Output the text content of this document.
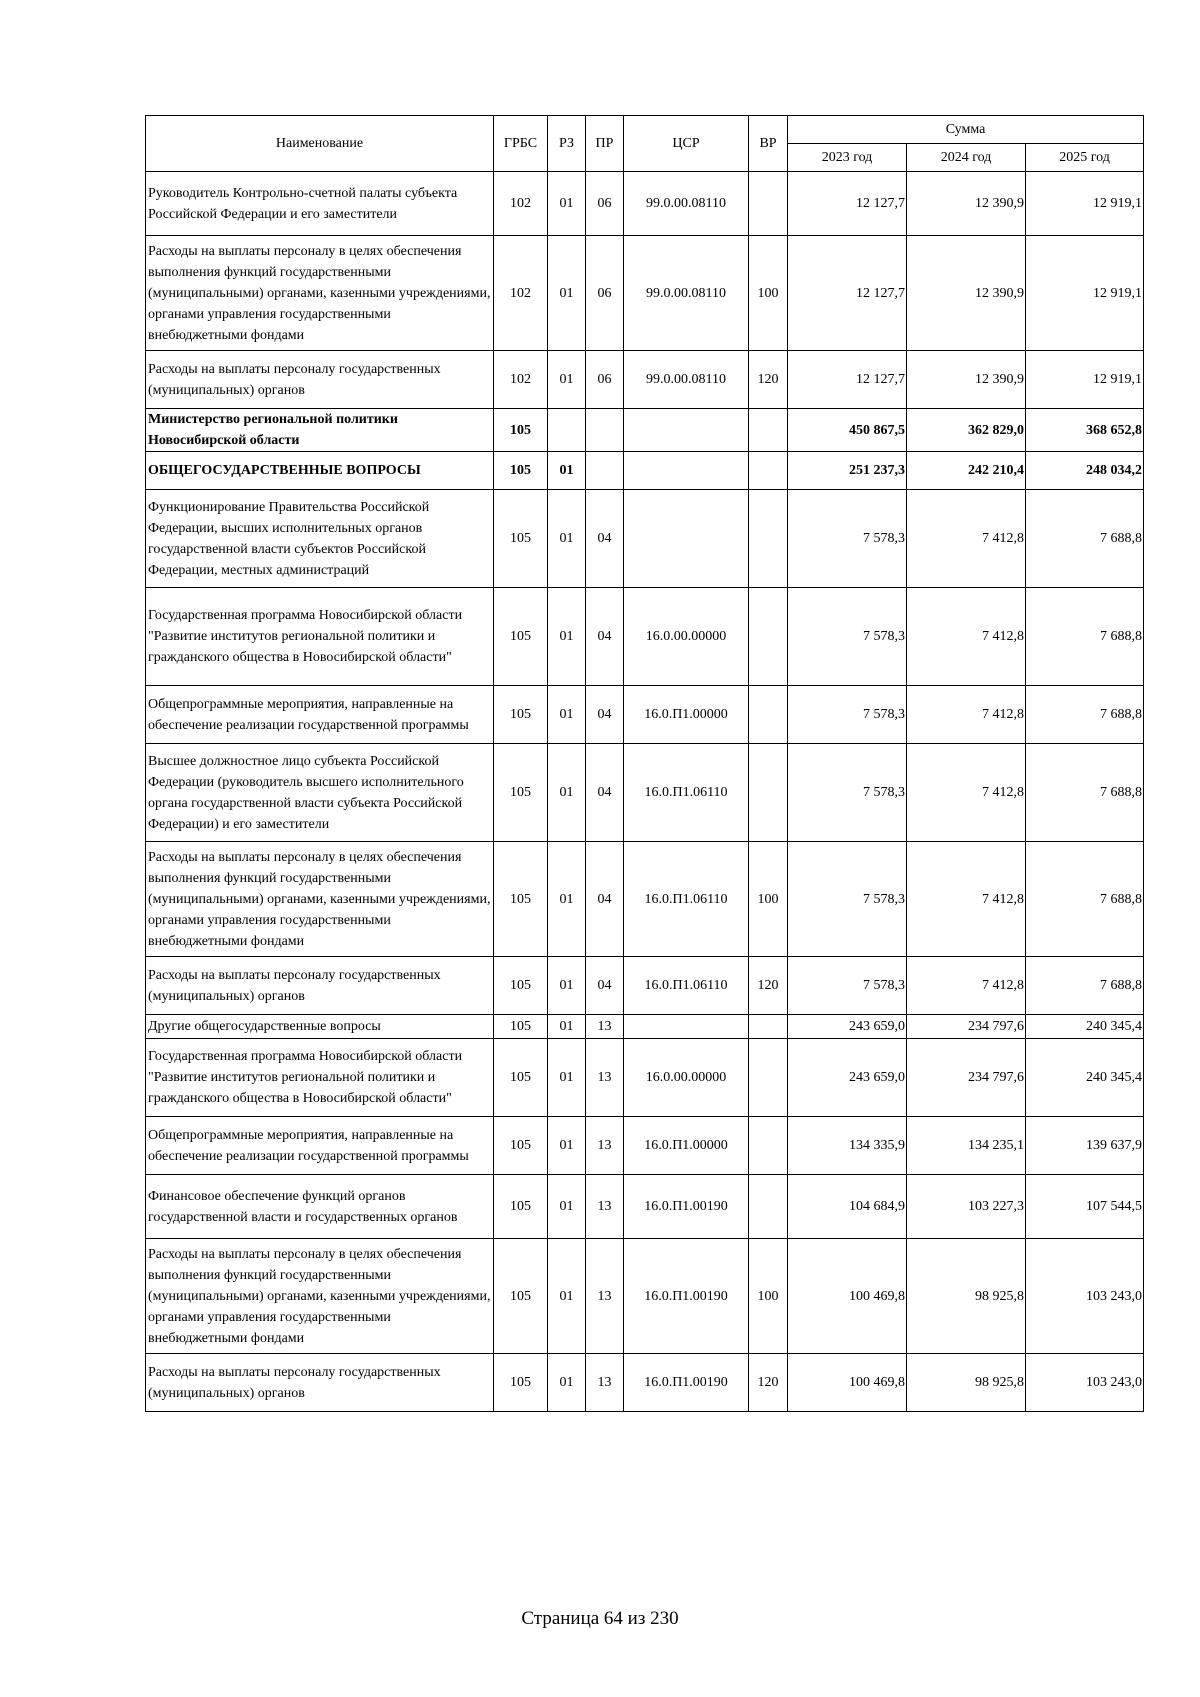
Наименование	ГРБС	РЗ	ПР	ЦСР	ВР	Сумма		
						2023 год	2024 год	2025 год
Руководитель Контрольно-счетной палаты субъекта Российской Федерации и его заместители	102	01	06	99.0.00.08110		12 127,7	12 390,9	12 919,1
Расходы на выплаты персоналу в целях обеспечения выполнения функций государственными (муниципальными) органами, казенными учреждениями, органами управления государственными внебюджетными фондами	102	01	06	99.0.00.08110	100	12 127,7	12 390,9	12 919,1
Расходы на выплаты персоналу государственных (муниципальных) органов	102	01	06	99.0.00.08110	120	12 127,7	12 390,9	12 919,1
Министерство региональной политики Новосибирской области	105					450 867,5	362 829,0	368 652,8
ОБЩЕГОСУДАРСТВЕННЫЕ ВОПРОСЫ	105	01				251 237,3	242 210,4	248 034,2
Функционирование Правительства Российской Федерации, высших исполнительных органов государственной власти субъектов Российской Федерации, местных администраций	105	01	04			7 578,3	7 412,8	7 688,8
Государственная программа Новосибирской области "Развитие институтов региональной политики и гражданского общества в Новосибирской области"	105	01	04	16.0.00.00000		7 578,3	7 412,8	7 688,8
Общепрограммные мероприятия, направленные на обеспечение реализации государственной программы	105	01	04	16.0.П1.00000		7 578,3	7 412,8	7 688,8
Высшее должностное лицо субъекта Российской Федерации (руководитель высшего исполнительного органа государственной власти субъекта Российской Федерации) и его заместители	105	01	04	16.0.П1.06110		7 578,3	7 412,8	7 688,8
Расходы на выплаты персоналу в целях обеспечения выполнения функций государственными (муниципальными) органами, казенными учреждениями, органами управления государственными внебюджетными фондами	105	01	04	16.0.П1.06110	100	7 578,3	7 412,8	7 688,8
Расходы на выплаты персоналу государственных (муниципальных) органов	105	01	04	16.0.П1.06110	120	7 578,3	7 412,8	7 688,8
Другие общегосударственные вопросы	105	01	13			243 659,0	234 797,6	240 345,4
Государственная программа Новосибирской области "Развитие институтов региональной политики и гражданского общества в Новосибирской области"	105	01	13	16.0.00.00000		243 659,0	234 797,6	240 345,4
Общепрограммные мероприятия, направленные на обеспечение реализации государственной программы	105	01	13	16.0.П1.00000		134 335,9	134 235,1	139 637,9
Финансовое обеспечение функций органов государственной власти и государственных органов	105	01	13	16.0.П1.00190		104 684,9	103 227,3	107 544,5
Расходы на выплаты персоналу в целях обеспечения выполнения функций государственными (муниципальными) органами, казенными учреждениями, органами управления государственными внебюджетными фондами	105	01	13	16.0.П1.00190	100	100 469,8	98 925,8	103 243,0
Расходы на выплаты персоналу государственных (муниципальных) органов	105	01	13	16.0.П1.00190	120	100 469,8	98 925,8	103 243,0
Страница 64 из 230
